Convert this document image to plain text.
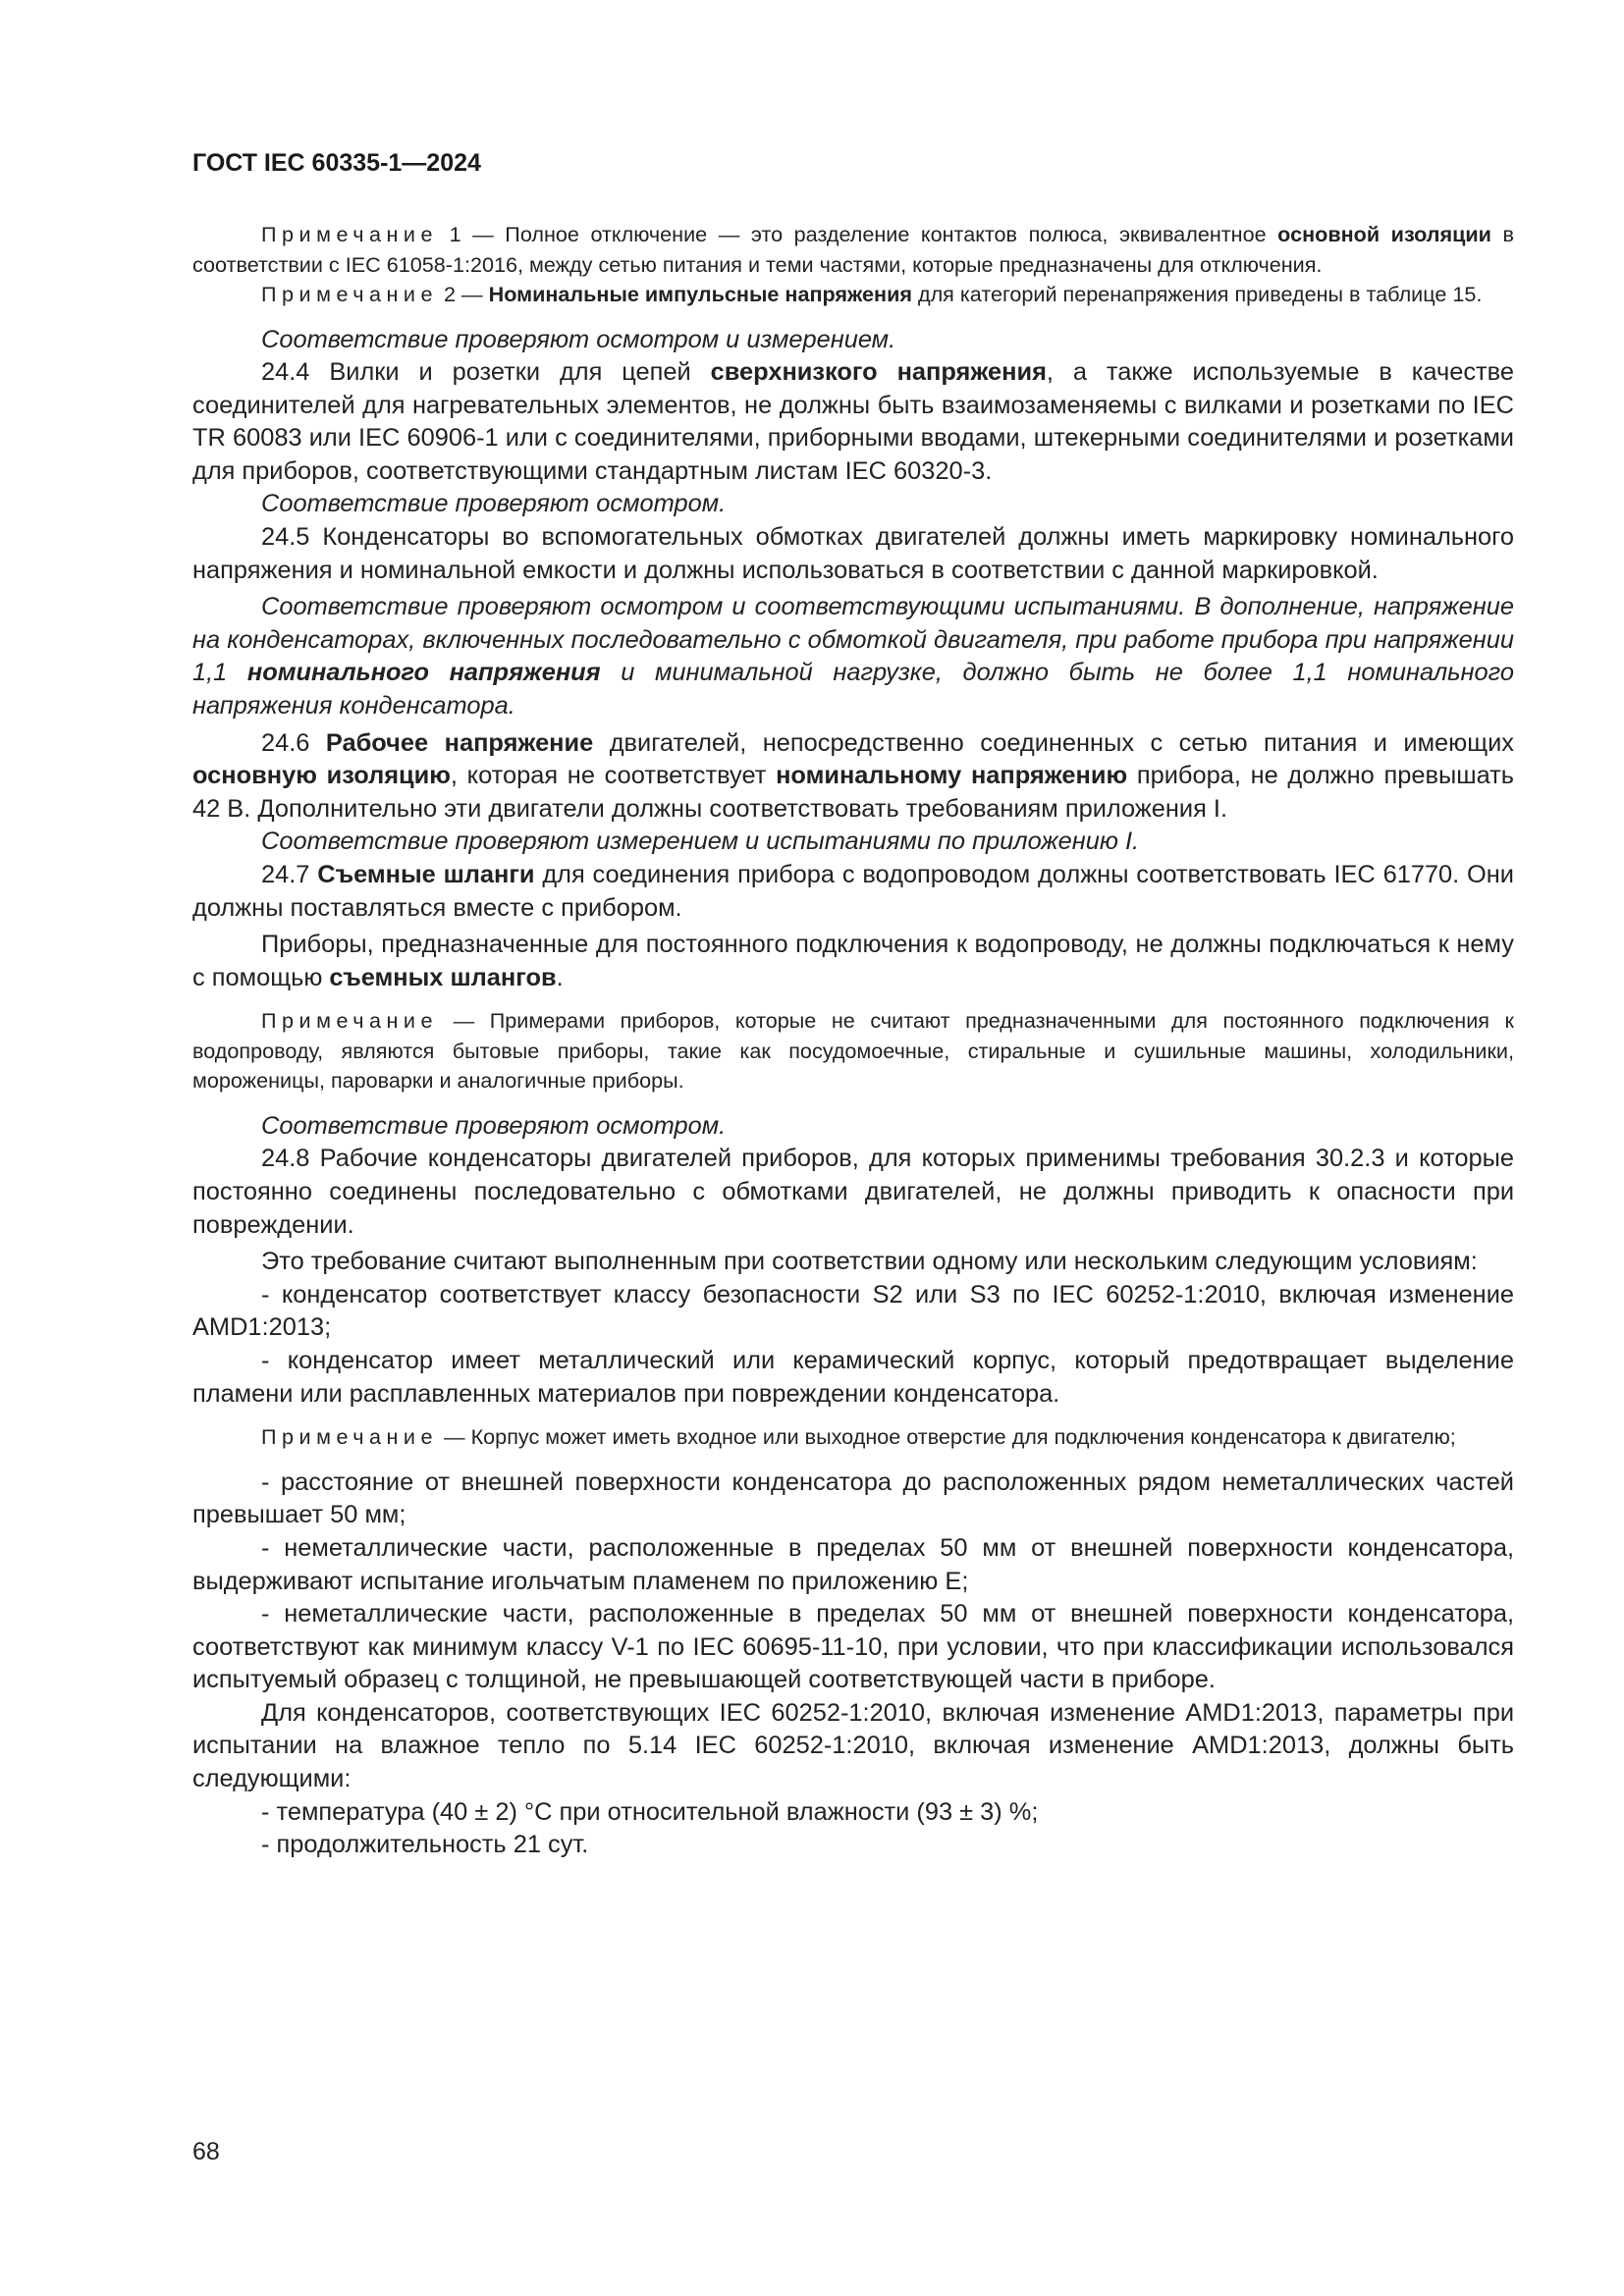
ГОСТ IEC 60335-1—2024

Примечание 1 — Полное отключение — это разделение контактов полюса, эквивалентное основной изоляции в соответствии с IEC 61058-1:2016, между сетью питания и теми частями, которые предназначены для отключения.

Примечание 2 — Номинальные импульсные напряжения для категорий перенапряжения приведены в таблице 15.

Соответствие проверяют осмотром и измерением.

24.4 Вилки и розетки для цепей сверхнизкого напряжения, а также используемые в качестве соединителей для нагревательных элементов, не должны быть взаимозаменяемы с вилками и розетками по IEC TR 60083 или IEC 60906-1 или с соединителями, приборными вводами, штекерными соединителями и розетками для приборов, соответствующими стандартным листам IEC 60320-3.

Соответствие проверяют осмотром.

24.5 Конденсаторы во вспомогательных обмотках двигателей должны иметь маркировку номинального напряжения и номинальной емкости и должны использоваться в соответствии с данной маркировкой.

Соответствие проверяют осмотром и соответствующими испытаниями. В дополнение, напряжение на конденсаторах, включенных последовательно с обмоткой двигателя, при работе прибора при напряжении 1,1 номинального напряжения и минимальной нагрузке, должно быть не более 1,1 номинального напряжения конденсатора.

24.6 Рабочее напряжение двигателей, непосредственно соединенных с сетью питания и имеющих основную изоляцию, которая не соответствует номинальному напряжению прибора, не должно превышать 42 В. Дополнительно эти двигатели должны соответствовать требованиям приложения I.

Соответствие проверяют измерением и испытаниями по приложению I.

24.7 Съемные шланги для соединения прибора с водопроводом должны соответствовать IEC 61770. Они должны поставляться вместе с прибором.

Приборы, предназначенные для постоянного подключения к водопроводу, не должны подключаться к нему с помощью съемных шлангов.

Примечание — Примерами приборов, которые не считают предназначенными для постоянного подключения к водопроводу, являются бытовые приборы, такие как посудомоечные, стиральные и сушильные машины, холодильники, мороженицы, пароварки и аналогичные приборы.

Соответствие проверяют осмотром.

24.8 Рабочие конденсаторы двигателей приборов, для которых применимы требования 30.2.3 и которые постоянно соединены последовательно с обмотками двигателей, не должны приводить к опасности при повреждении.

Это требование считают выполненным при соответствии одному или нескольким следующим условиям:

- конденсатор соответствует классу безопасности S2 или S3 по IEC 60252-1:2010, включая изменение AMD1:2013;

- конденсатор имеет металлический или керамический корпус, который предотвращает выделение пламени или расплавленных материалов при повреждении конденсатора.

Примечание — Корпус может иметь входное или выходное отверстие для подключения конденсатора к двигателю;

- расстояние от внешней поверхности конденсатора до расположенных рядом неметаллических частей превышает 50 мм;

- неметаллические части, расположенные в пределах 50 мм от внешней поверхности конденсатора, выдерживают испытание игольчатым пламенем по приложению E;

- неметаллические части, расположенные в пределах 50 мм от внешней поверхности конденсатора, соответствуют как минимум классу V-1 по IEC 60695-11-10, при условии, что при классификации использовался испытуемый образец с толщиной, не превышающей соответствующей части в приборе.

Для конденсаторов, соответствующих IEC 60252-1:2010, включая изменение AMD1:2013, параметры при испытании на влажное тепло по 5.14 IEC 60252-1:2010, включая изменение AMD1:2013, должны быть следующими:

- температура (40 ± 2) °С при относительной влажности (93 ± 3) %;

- продолжительность 21 сут.

68
